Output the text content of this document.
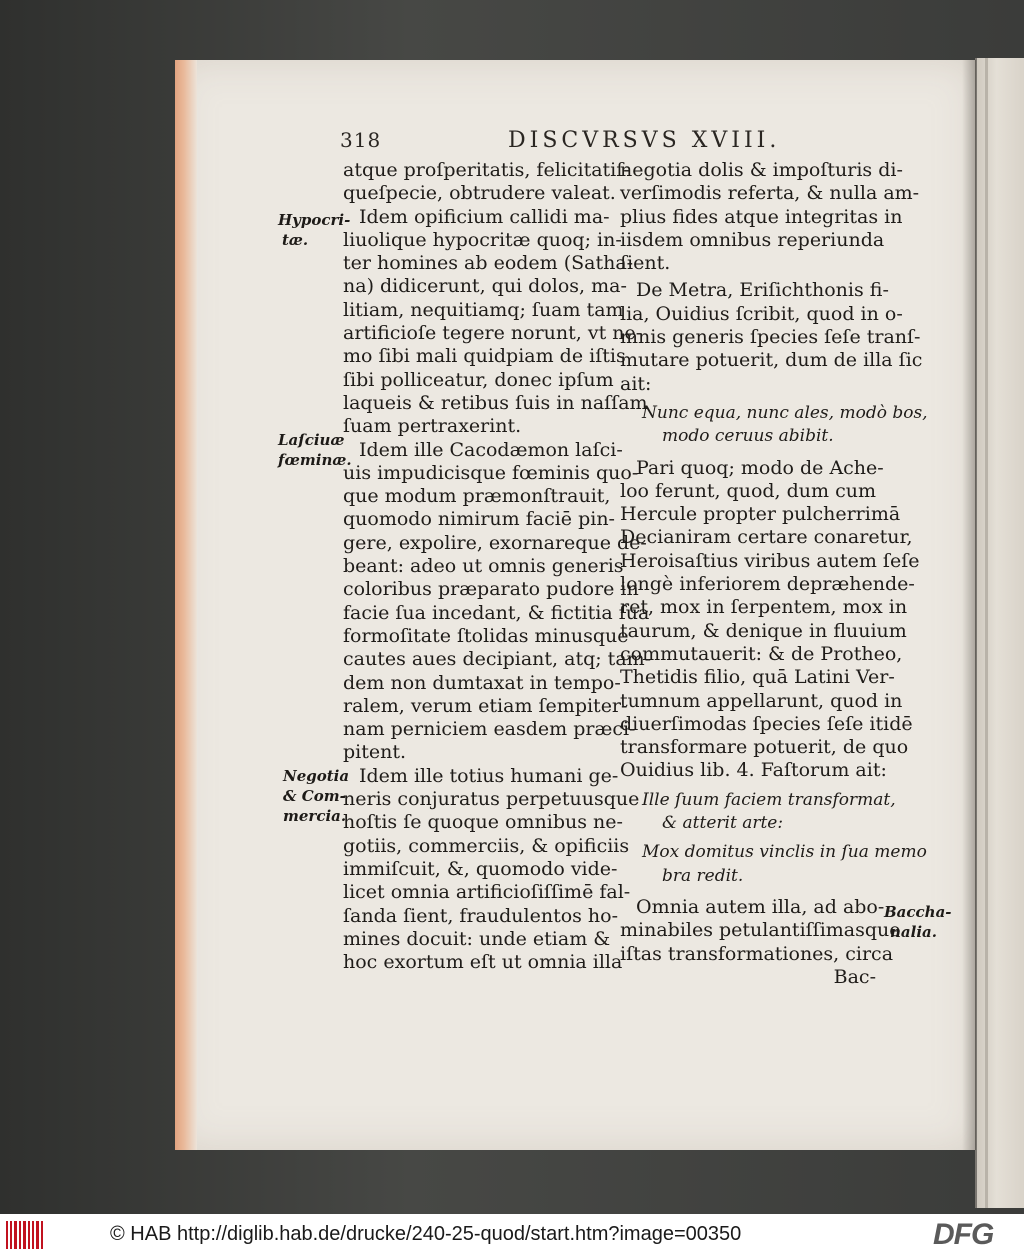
318	DISCVRSVS XVIII.
atque proſperitatis, felicitatiſ-
queſpecie, obtrudere valeat.
Idem opificium callidi ma-
liuolique hypocritæ quoq; in-
ter homines ab eodem (Satha-
na) didicerunt, qui dolos, ma-
litiam, nequitiamq; ſuam tam
artificioſe tegere norunt, vt ne-
mo ſibi mali quidpiam de iſtis
ſibi polliceatur, donec ipſum
laqueis & retibus ſuis in naſſam
ſuam pertraxerint.
Idem ille Cacodæmon laſci-
uis impudicisque fœminis quo-
que modum præmonſtrauit,
quomodo nimirum faciē pin-
gere, expolire, exornareque de-
beant: adeo ut omnis generis
coloribus præparato pudore in
facie ſua incedant, & fictitia ſua
formoſitate ſtolidas minusque
cautes aues decipiant, atq; tam-
dem non dumtaxat in tempo-
ralem, verum etiam ſempiter-
nam perniciem easdem præci-
pitent.
Idem ille totius humani ge-
neris conjuratus perpetuusque
hoſtis ſe quoque omnibus ne-
gotiis, commerciis, & opificiis
immiſcuit, &, quomodo vide-
licet omnia artificioſiſſimē fal-
ſanda ſient, fraudulentos ho-
mines docuit: unde etiam &
hoc exortum eſt ut omnia illa
negotia dolis & impoſturis di-
verſimodis referta, & nulla am-
plius fides atque integritas in
iisdem omnibus reperiunda
ſient.
De Metra, Eriſichthonis fi-
lia, Ouidius ſcribit, quod in o-
mnis generis ſpecies ſeſe tranſ-
mutare potuerit, dum de illa ſic
ait:
Nunc equa, nunc ales, modò bos,
modo ceruus abibit.
Pari quoq; modo de Ache-
loo ferunt, quod, dum cum
Hercule propter pulcherrimā
Decianiram certare conaretur,
Heroisaſtius viribus autem ſeſe
longè inferiorem depræhende-
ret, mox in ſerpentem, mox in
taurum, & denique in fluuium
commutauerit: & de Protheo,
Thetidis filio, quā Latini Ver-
tumnum appellarunt, quod in
diuerſimodas ſpecies ſeſe itidē
transformare potuerit, de quo
Ouidius lib. 4. Faſtorum ait:
Ille ſuum faciem transformat,
& atterit arte:
Mox domitus vinclis in ſua memo
bra redit.
Omnia autem illa, ad abo-
minabiles petulantiſſimasque
iſtas transformationes, circa
Bac-
Hypocri-
tæ.
Laſciuæ
fœminæ.
Negotia
& Com-
mercia.
Baccha-
nalia.
© HAB http://diglib.hab.de/drucke/240-25-quod/start.htm?image=00350	DFG
